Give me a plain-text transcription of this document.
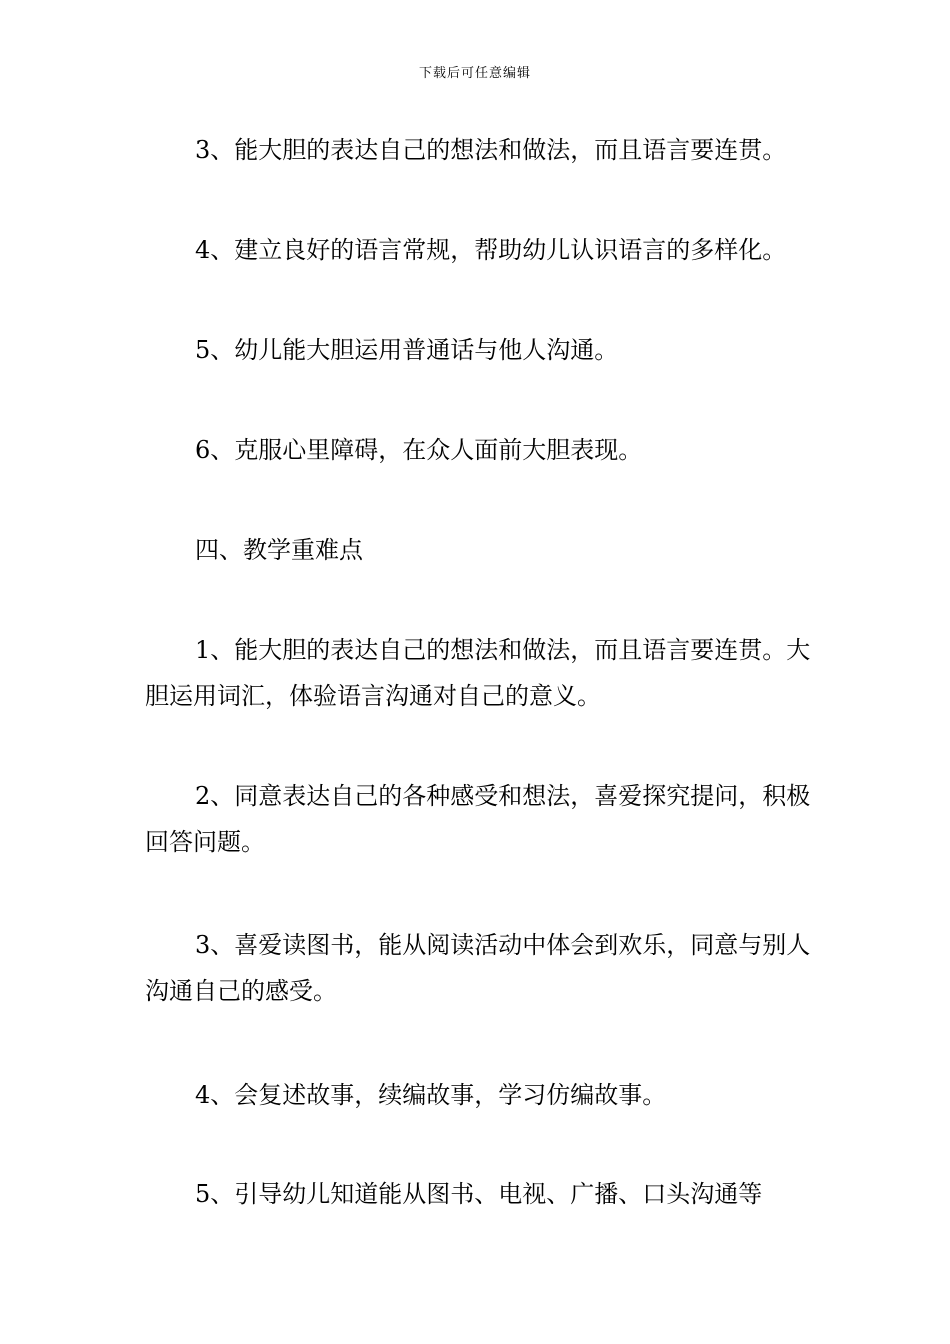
下载后可任意编辑
3、能大胆的表达自己的想法和做法，而且语言要连贯。
4、建立良好的语言常规，帮助幼儿认识语言的多样化。
5、幼儿能大胆运用普通话与他人沟通。
6、克服心里障碍，在众人面前大胆表现。
四、教学重难点
1、能大胆的表达自己的想法和做法，而且语言要连贯。大胆运用词汇，体验语言沟通对自己的意义。
2、同意表达自己的各种感受和想法，喜爱探究提问，积极回答问题。
3、喜爱读图书，能从阅读活动中体会到欢乐，同意与别人沟通自己的感受。
4、会复述故事，续编故事，学习仿编故事。
5、引导幼儿知道能从图书、电视、广播、口头沟通等
